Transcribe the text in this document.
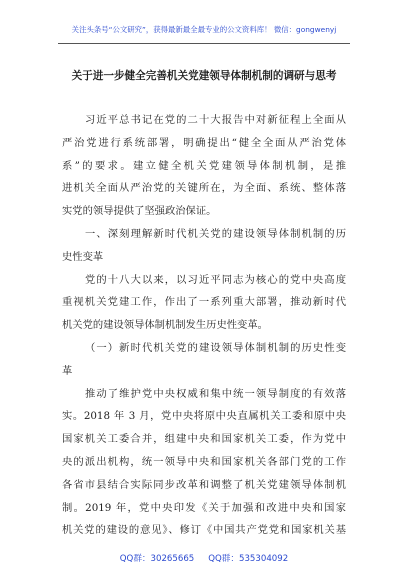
关注头条号“公文研究”，获得最新最全最专业的公文资料库！ 微信：gongwenyj
关于进一步健全完善机关党建领导体制机制的调研与思考
习近平总书记在党的二十大报告中对新征程上全面从
严治党进行系统部署，明确提出“健全全面从严治党体
系”的要求。建立健全机关党建领导体制机制，是推
进机关全面从严治党的关键所在，为全面、系统、整体落
实党的领导提供了坚强政治保证。
一、深刻理解新时代机关党的建设领导体制机制的历
史性变革
党的十八大以来，以习近平同志为核心的党中央高度
重视机关党建工作，作出了一系列重大部署，推动新时代
机关党的建设领导体制机制发生历史性变革。
（一）新时代机关党的建设领导体制机制的历史性变
革
推动了维护党中央权威和集中统一领导制度的有效落
实。2018 年 3 月，党中央将原中央直属机关工委和原中央
国家机关工委合并，组建中央和国家机关工委，作为党中
央的派出机构，统一领导中央和国家机关各部门党的工作
各省市县结合实际同步改革和调整了机关党建领导体制机
制。2019 年，党中央印发《关于加强和改进中央和国家
机关党的建设的意见》、修订《中国共产党党和国家机关基
QQ群：30265665 QQ群：535304092
